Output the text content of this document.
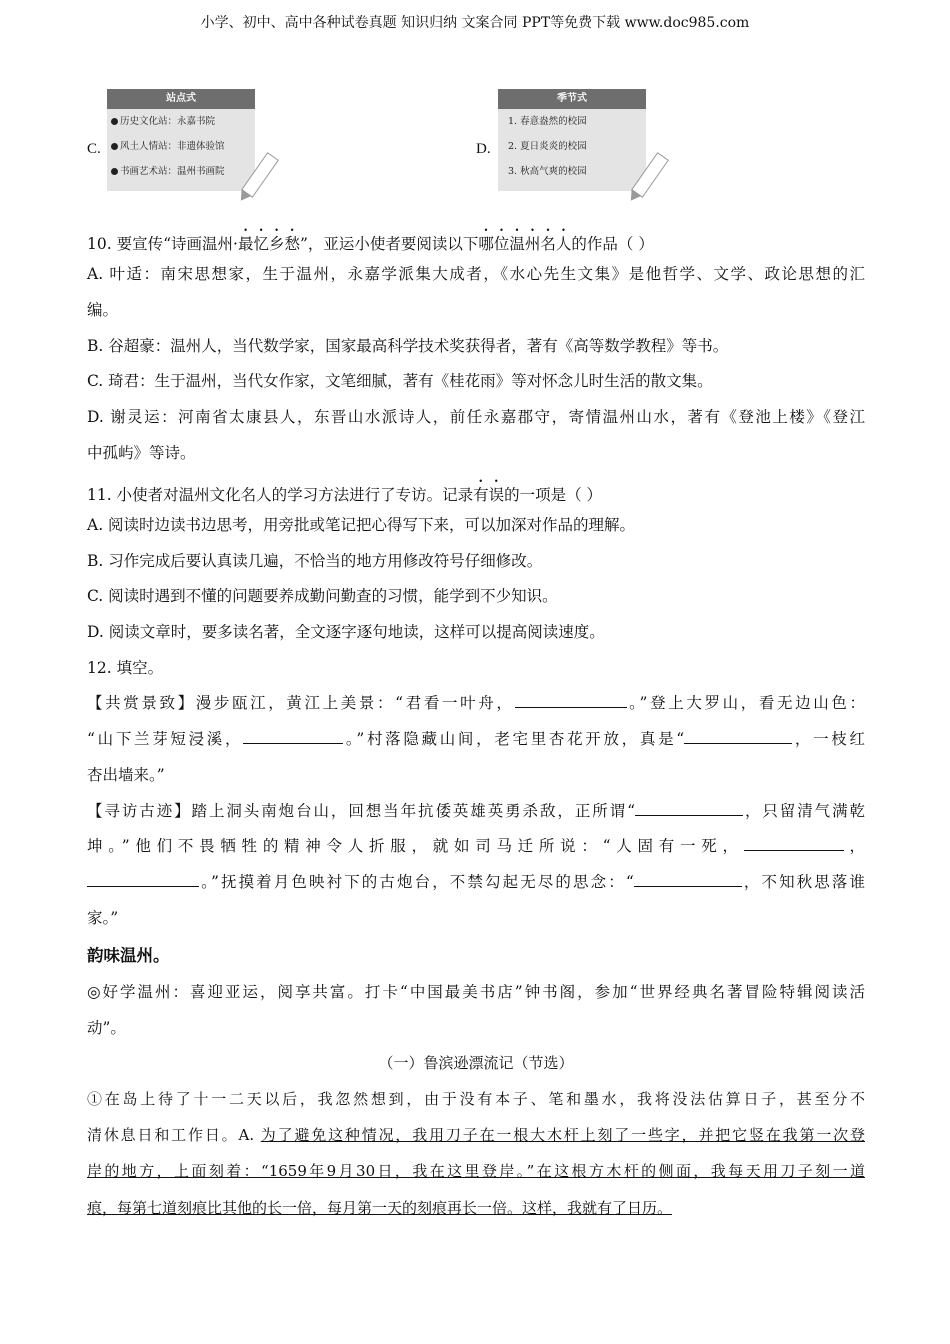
小学、初中、高中各种试卷真题 知识归纳 文案合同 PPT等免费下载 www.doc985.com
C.
站点式
历史文化站：永嘉书院
风土人情站：非遗体验馆
书画艺术站：温州书画院
D.
季节式
1. 春意盎然的校园
2. 夏日炎炎的校园
3. 秋高气爽的校园
10. 要宣传“诗画温州·最忆乡愁”，亚运小使者要阅读以下哪位温州名人的作品（ ）
A. 叶适：南宋思想家，生于温州，永嘉学派集大成者，《水心先生文集》是他哲学、文学、政论思想的汇
编。
B. 谷超豪：温州人，当代数学家，国家最高科学技术奖获得者，著有《高等数学教程》等书。
C. 琦君：生于温州，当代女作家，文笔细腻，著有《桂花雨》等对怀念儿时生活的散文集。
D. 谢灵运：河南省太康县人，东晋山水派诗人，前任永嘉郡守，寄情温州山水，著有《登池上楼》《登江
中孤屿》等诗。
11. 小使者对温州文化名人的学习方法进行了专访。记录有误的一项是（ ）
A. 阅读时边读书边思考，用旁批或笔记把心得写下来，可以加深对作品的理解。
B. 习作完成后要认真读几遍，不恰当的地方用修改符号仔细修改。
C. 阅读时遇到不懂的问题要养成勤问勤查的习惯，能学到不少知识。
D. 阅读文章时，要多读名著，全文逐字逐句地读，这样可以提高阅读速度。
12. 填空。
【共赏景致】漫步瓯江，黄江上美景：“君看一叶舟，	。”登上大罗山，看无边山色：
“山下兰芽短浸溪，	。”村落隐藏山间，老宅里杏花开放，真是“	，一枝红
杏出墙来。”
【寻访古迹】踏上洞头南炮台山，回想当年抗倭英雄英勇杀敌，正所谓“	，只留清气满乾
坤。”他们不畏牺牲的精神令人折服，就如司马迁所说：“人固有一死，	，
。”抚摸着月色映衬下的古炮台，不禁勾起无尽的思念：“	，不知秋思落谁
家。”
韵味温州。
◎好学温州：喜迎亚运，阅享共富。打卡“中国最美书店”钟书阁，参加“世界经典名著冒险特辑阅读活
动”。
（一）鲁滨逊漂流记（节选）
①在岛上待了十一二天以后，我忽然想到，由于没有本子、笔和墨水，我将没法估算日子，甚至分不
清休息日和工作日。A. 为了避免这种情况，我用刀子在一根大木杆上刻了一些字，并把它竖在我第一次登
岸的地方，上面刻着：“1659年9月30日，我在这里登岸。”在这根方木杆的侧面，我每天用刀子刻一道
痕，每第七道刻痕比其他的长一倍，每月第一天的刻痕再长一倍。这样，我就有了日历。
